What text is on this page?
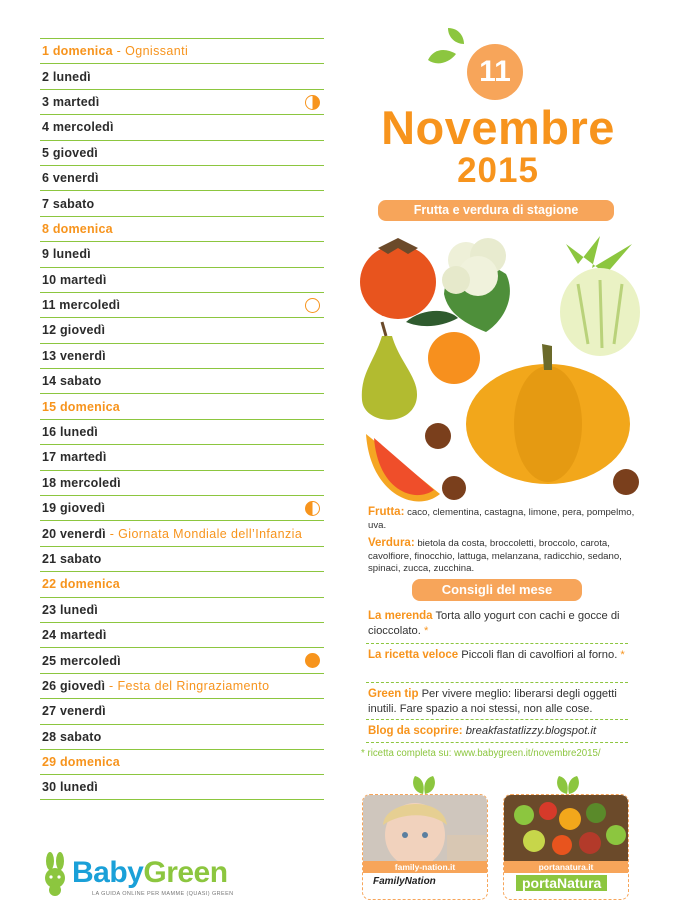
1 domenica - Ognissanti
2 lunedì
3 martedì
4 mercoledì
5 giovedì
6 venerdì
7 sabato
8 domenica
9 lunedì
10 martedì
11 mercoledì
12 giovedì
13 venerdì
14 sabato
15 domenica
16 lunedì
17 martedì
18 mercoledì
19 giovedì
20 venerdì - Giornata Mondiale dell’Infanzia
21 sabato
22 domenica
23 lunedì
24 martedì
25 mercoledì
26 giovedì - Festa del Ringraziamento
27 venerdì
28 sabato
29 domenica
30 lunedì
BabyGreen
LA GUIDA ONLINE PER MAMME (QUASI) GREEN
11
Novembre
2015
Frutta e verdura di stagione
Frutta: caco, clementina, castagna, limone, pera, pompelmo, uva.
Verdura: bietola da costa, broccoletti, broccolo, carota, cavolfiore, finocchio, lattuga, melanzana, radicchio, sedano, spinaci, zucca, zucchina.
Consigli del mese
La merenda Torta allo yogurt con cachi e gocce di cioccolato. *
La ricetta veloce Piccoli flan di cavolfiori al forno. *
Green tip Per vivere meglio: liberarsi degli oggetti inutili. Fare spazio a noi stessi, non alle cose.
Blog da scoprire: breakfastatlizzy.blogspot.it
* ricetta completa su: www.babygreen.it/novembre2015/
family-nation.it
FamilyNation
portanatura.it
portaNatura
